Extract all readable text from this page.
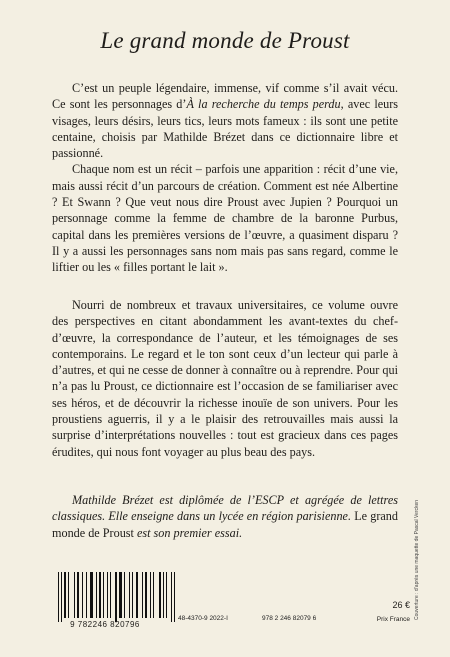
Le grand monde de Proust

C’est un peuple légendaire, immense, vif comme s’il avait vécu. Ce sont les personnages d’À la recherche du temps perdu, avec leurs visages, leurs désirs, leurs tics, leurs mots fameux : ils sont une petite centaine, choisis par Mathilde Brézet dans ce dictionnaire libre et passionné.

Chaque nom est un récit – parfois une apparition : récit d’une vie, mais aussi récit d’un parcours de création. Comment est née Albertine ? Et Swann ? Que veut nous dire Proust avec Jupien ? Pourquoi un personnage comme la femme de chambre de la baronne Purbus, capital dans les premières versions de l’œuvre, a quasiment disparu ? Il y a aussi les personnages sans nom mais pas sans regard, comme le liftier ou les « filles portant le lait ».

Nourri de nombreux et travaux universitaires, ce volume ouvre des perspectives en citant abondamment les avant-textes du chef-d’œuvre, la correspondance de l’auteur, et les témoignages de ses contemporains. Le regard et le ton sont ceux d’un lecteur qui parle à d’autres, et qui ne cesse de donner à connaître ou à reprendre. Pour qui n’a pas lu Proust, ce dictionnaire est l’occasion de se familiariser avec ses héros, et de découvrir la richesse inouïe de son univers. Pour les proustiens aguerris, il y a le plaisir des retrouvailles mais aussi la surprise d’interprétations nouvelles : tout est gracieux dans ces pages érudites, qui nous font voyager au plus beau des pays.

Mathilde Brézet est diplômée de l’ESCP et agrégée de lettres classiques. Elle enseigne dans un lycée en région parisienne. Le grand monde de Proust est son premier essai.	Couverture : d’après une maquette de Pascal Vercken
9 782246 820796
48-4370-9 2022-I	978 2 246 82079 6
26 €
Prix France
